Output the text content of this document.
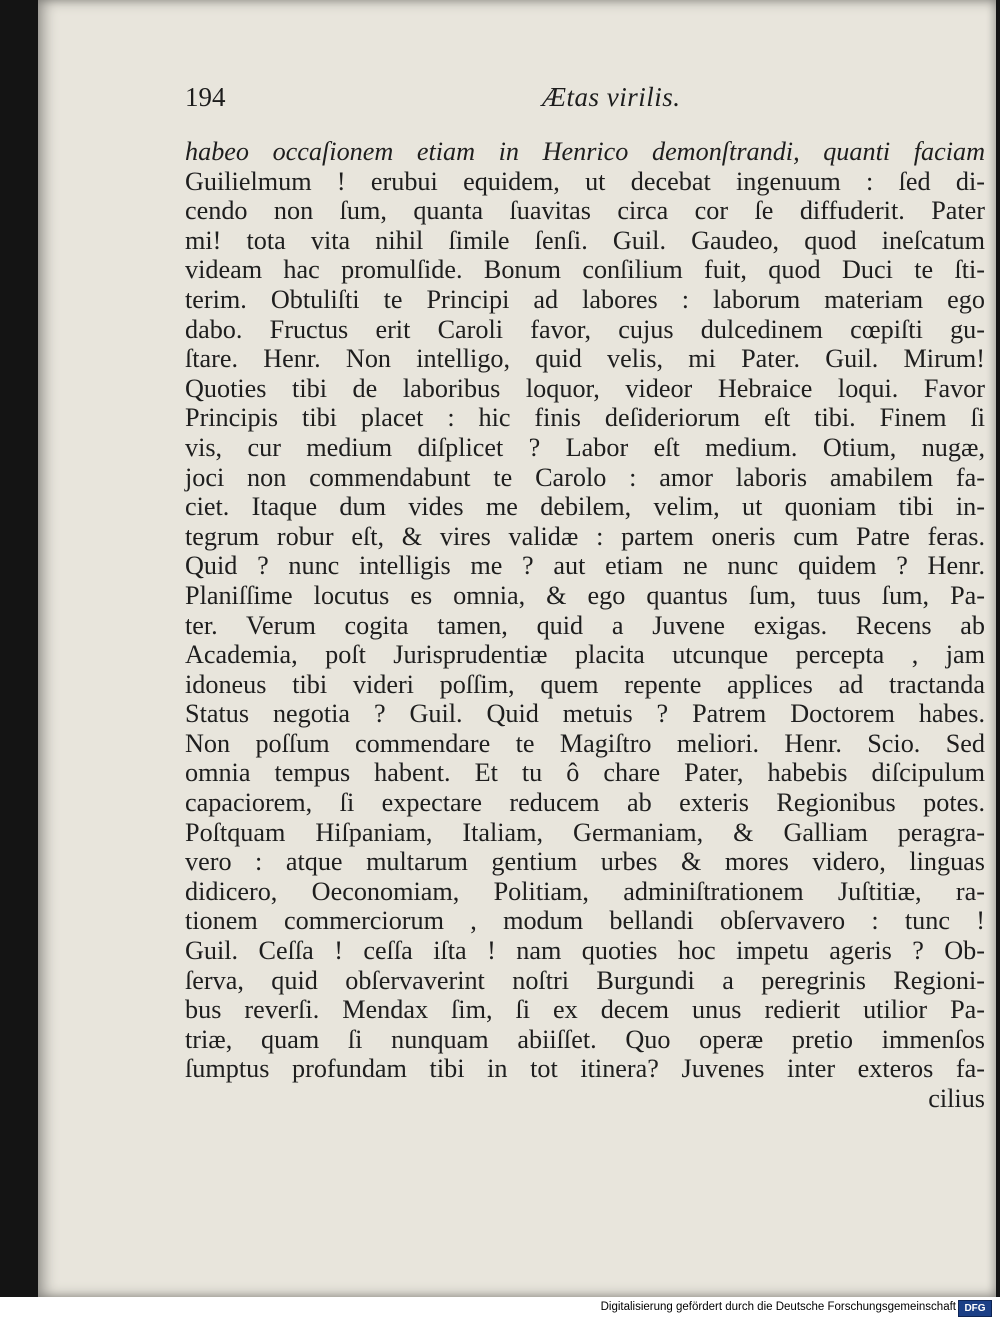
194	Ætas virilis.
habeo occaſionem etiam in Henrico demonſtrandi, quanti faciam
Guilielmum ! erubui equidem, ut decebat ingenuum : ſed di-
cendo non ſum, quanta ſuavitas circa cor ſe diffuderit. Pater
mi! tota vita nihil ſimile ſenſi. Guil. Gaudeo, quod ineſcatum
videam hac promulſide. Bonum conſilium fuit, quod Duci te ſti-
terim. Obtuliſti te Principi ad labores : laborum materiam ego
dabo. Fructus erit Caroli favor, cujus dulcedinem cœpiſti gu-
ſtare. Henr. Non intelligo, quid velis, mi Pater. Guil. Mirum!
Quoties tibi de laboribus loquor, videor Hebraice loqui. Favor
Principis tibi placet : hic finis deſideriorum eſt tibi. Finem ſi
vis, cur medium diſplicet ? Labor eſt medium. Otium, nugæ,
joci non commendabunt te Carolo : amor laboris amabilem fa-
ciet. Itaque dum vides me debilem, velim, ut quoniam tibi in-
tegrum robur eſt, & vires validæ : partem oneris cum Patre feras.
Quid ? nunc intelligis me ? aut etiam ne nunc quidem ? Henr.
Planiſſime locutus es omnia, & ego quantus ſum, tuus ſum, Pa-
ter. Verum cogita tamen, quid a Juvene exigas. Recens ab
Academia, poſt Jurisprudentiæ placita utcunque percepta , jam
idoneus tibi videri poſſim, quem repente applices ad tractanda
Status negotia ? Guil. Quid metuis ? Patrem Doctorem habes.
Non poſſum commendare te Magiſtro meliori. Henr. Scio. Sed
omnia tempus habent. Et tu ô chare Pater, habebis diſcipulum
capaciorem, ſi expectare reducem ab exteris Regionibus potes.
Poſtquam Hiſpaniam, Italiam, Germaniam, & Galliam peragra-
vero : atque multarum gentium urbes & mores videro, linguas
didicero, Oeconomiam, Politiam, adminiſtrationem Juſtitiæ, ra-
tionem commerciorum , modum bellandi obſervavero : tunc !
Guil. Ceſſa ! ceſſa iſta ! nam quoties hoc impetu ageris ? Ob-
ſerva, quid obſervaverint noſtri Burgundi a peregrinis Regioni-
bus reverſi. Mendax ſim, ſi ex decem unus redierit utilior Pa-
triæ, quam ſi nunquam abiiſſet. Quo operæ pretio immenſos
ſumptus profundam tibi in tot itinera? Juvenes inter exteros fa-
cilius
Digitalisierung gefördert durch die Deutsche Forschungsgemeinschaft DFG
